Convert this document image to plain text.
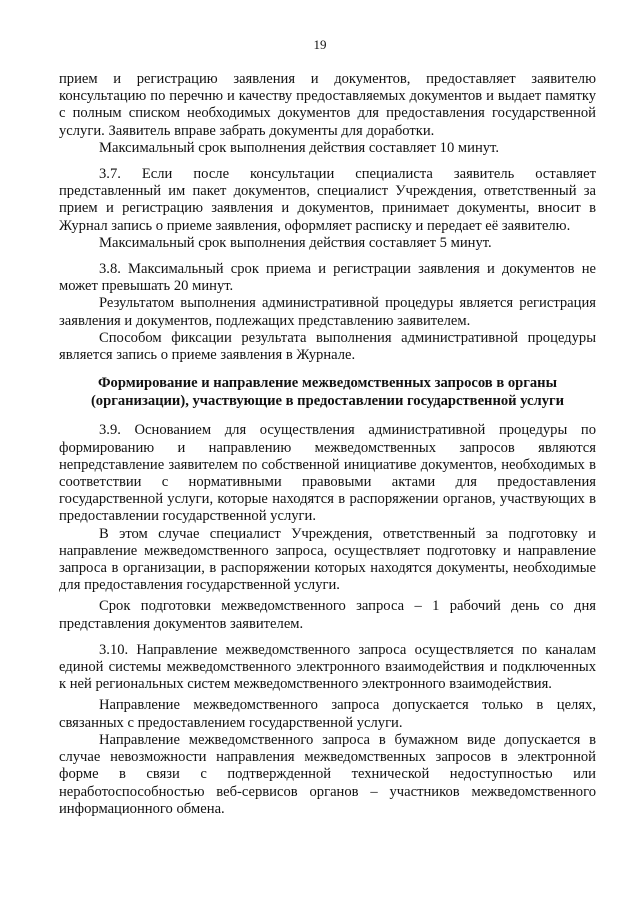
19

прием и регистрацию заявления и документов, предоставляет заявителю консультацию по перечню и качеству предоставляемых документов и выдает памятку с полным списком необходимых документов для предоставления государственной услуги. Заявитель вправе забрать документы для доработки.

Максимальный срок выполнения действия составляет 10 минут.

3.7. Если после консультации специалиста заявитель оставляет представленный им пакет документов, специалист Учреждения, ответственный за прием и регистрацию заявления и документов, принимает документы, вносит в Журнал запись о приеме заявления, оформляет расписку и передает её заявителю.

Максимальный срок выполнения действия составляет 5 минут.

3.8. Максимальный срок приема и регистрации заявления и документов не может превышать 20 минут.

Результатом выполнения административной процедуры является регистрация заявления и документов, подлежащих представлению заявителем.

Способом фиксации результата выполнения административной процедуры является запись о приеме заявления в Журнале.

Формирование и направление межведомственных запросов в органы (организации), участвующие в предоставлении государственной услуги

3.9. Основанием для осуществления административной процедуры по формированию и направлению межведомственных запросов являются непредставление заявителем по собственной инициативе документов, необходимых в соответствии с нормативными правовыми актами для предоставления государственной услуги, которые находятся в распоряжении органов, участвующих в предоставлении государственной услуги.

В этом случае специалист Учреждения, ответственный за подготовку и направление межведомственного запроса, осуществляет подготовку и направление запроса в организации, в распоряжении которых находятся документы, необходимые для предоставления государственной услуги.

Срок подготовки межведомственного запроса – 1 рабочий день со дня представления документов заявителем.

3.10. Направление межведомственного запроса осуществляется по каналам единой системы межведомственного электронного взаимодействия и подключенных к ней региональных систем межведомственного электронного взаимодействия.

Направление межведомственного запроса допускается только в целях, связанных с предоставлением государственной услуги.

Направление межведомственного запроса в бумажном виде допускается в случае невозможности направления межведомственных запросов в электронной форме в связи с подтвержденной технической недоступностью или неработоспособностью веб-сервисов органов – участников межведомственного информационного обмена.
